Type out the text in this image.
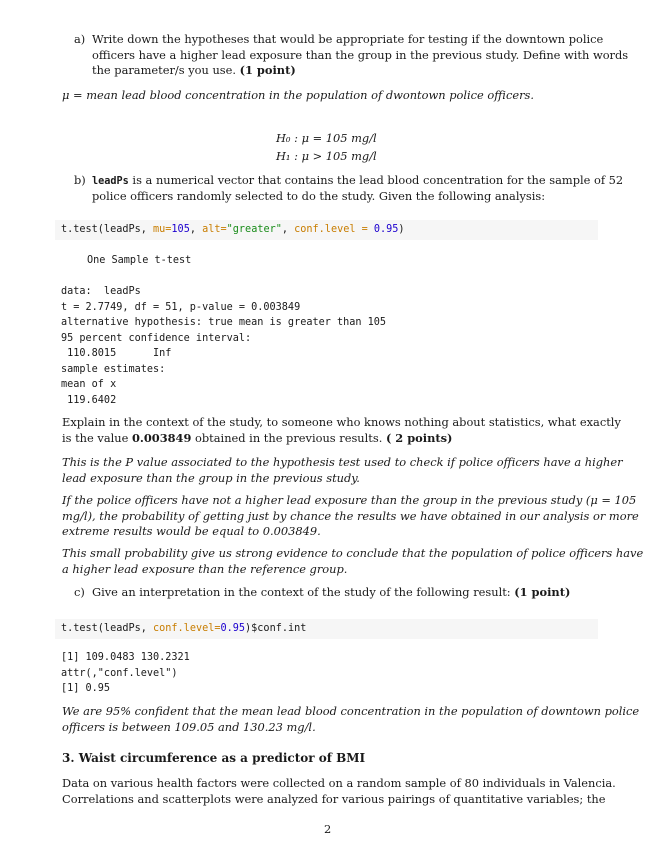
a) Write down the hypotheses that would be appropriate for testing if the downtown police
officers have a higher lead exposure than the group in the previous study. Define with words
the parameter/s you use. (1 point)
μ = mean lead blood concentration in the population of dwontown police officers.
H₀ : μ = 105 mg/l
H₁ : μ > 105 mg/l
b) leadPs is a numerical vector that contains the lead blood concentration for the sample of 52
police officers randomly selected to do the study. Given the following analysis:
t.test(leadPs, mu=105, alt="greater", conf.level = 0.95)
One Sample t-test
data:  leadPs
t = 2.7749, df = 51, p-value = 0.003849
alternative hypothesis: true mean is greater than 105
95 percent confidence interval:
110.8015      Inf
sample estimates:
mean of x
119.6402
Explain in the context of the study, to someone who knows nothing about statistics, what exactly
is the value 0.003849 obtained in the previous results. ( 2 points)
This is the P value associated to the hypothesis test used to check if police officers have a higher
lead exposure than the group in the previous study.
If the police officers have not a higher lead exposure than the group in the previous study (μ = 105
mg/l), the probability of getting just by chance the results we have obtained in our analysis or more
extreme results would be equal to 0.003849.
This small probability give us strong evidence to conclude that the population of police officers have
a higher lead exposure than the reference group.
c) Give an interpretation in the context of the study of the following result: (1 point)
t.test(leadPs, conf.level=0.95)$conf.int
[1] 109.0483 130.2321
attr(,"conf.level")
[1] 0.95
We are 95% confident that the mean lead blood concentration in the population of downtown police
officers is between 109.05 and 130.23 mg/l.
3. Waist circumference as a predictor of BMI
Data on various health factors were collected on a random sample of 80 individuals in Valencia.
Correlations and scatterplots were analyzed for various pairings of quantitative variables; the
2
